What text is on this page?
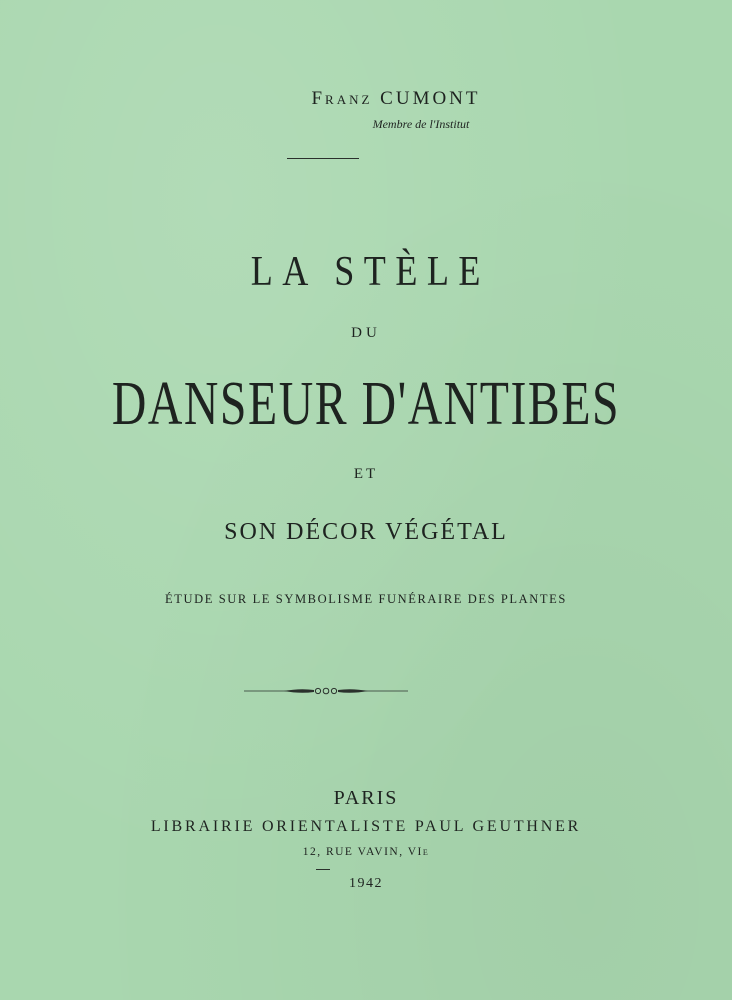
Franz CUMONT
Membre de l'Institut
LA STÈLE
DU
DANSEUR D'ANTIBES
ET
SON DÉCOR VÉGÉTAL
ÉTUDE SUR LE SYMBOLISME FUNÉRAIRE DES PLANTES
PARIS
LIBRAIRIE ORIENTALISTE PAUL GEUTHNER
12, RUE VAVIN, VIe
1942
